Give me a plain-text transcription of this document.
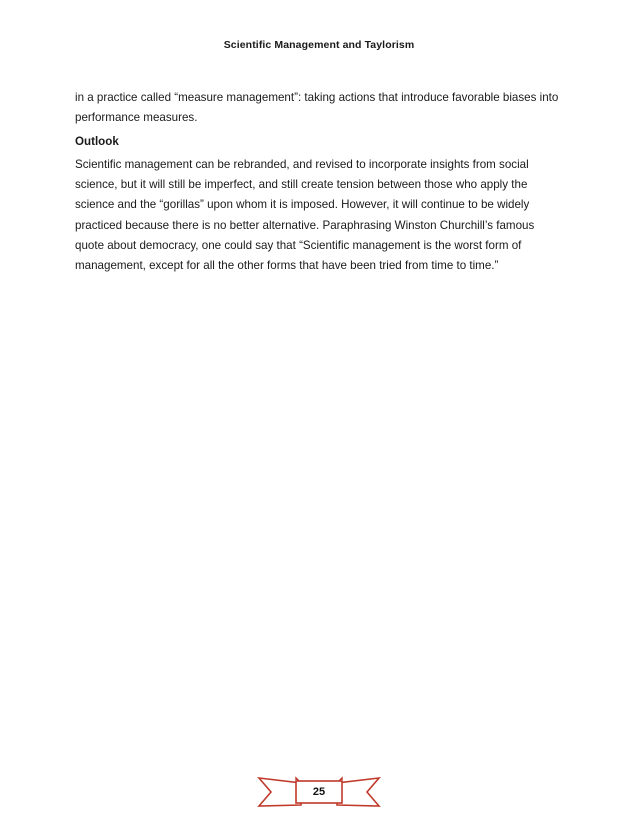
Scientific Management and Taylorism

in a practice called “measure management”: taking actions that introduce favorable biases into performance measures.

Outlook

Scientific management can be rebranded, and revised to incorporate insights from social science, but it will still be imperfect, and still create tension between those who apply the science and the “gorillas” upon whom it is imposed. However, it will continue to be widely practiced because there is no better alternative. Paraphrasing Winston Churchill’s famous quote about democracy, one could say that “Scientific management is the worst form of management, except for all the other forms that have been tried from time to time.”

25
